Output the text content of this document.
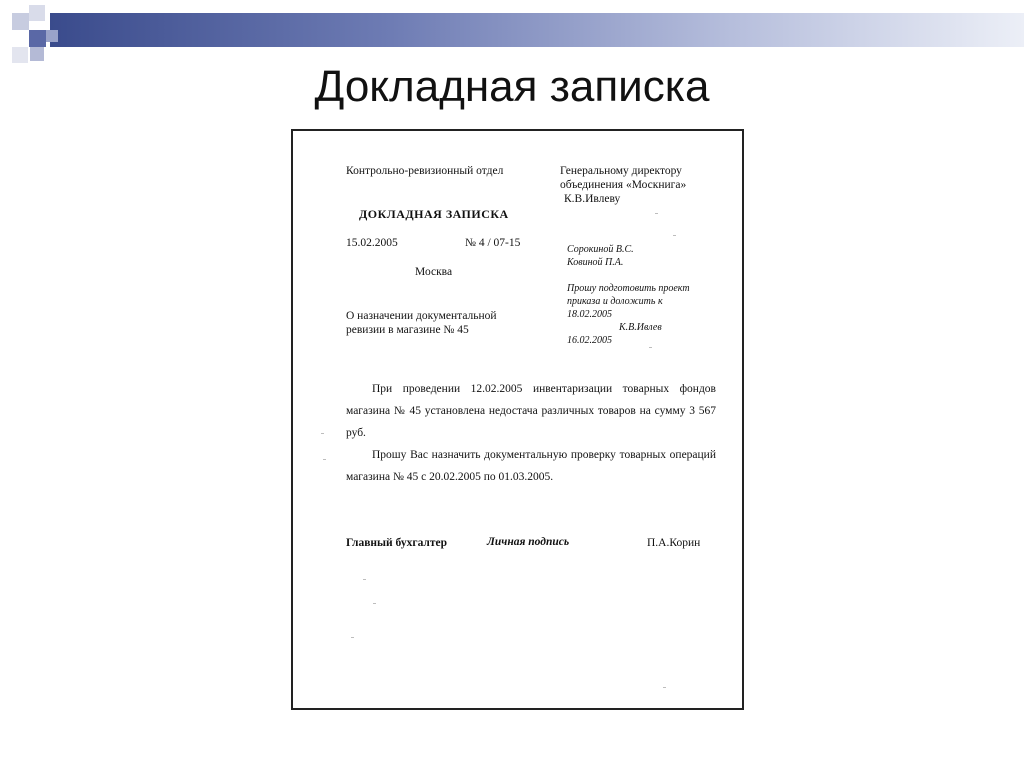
Докладная записка
Контрольно-ревизионный отдел	Генеральному директору
объединения «Москнига»
К.В.Ивлеву
ДОКЛАДНАЯ ЗАПИСКА
15.02.2005	№ 4 / 07-15
Москва
О назначении документальной
ревизии в магазине № 45
Сорокиной В.С.
Ковиной П.А.
Прошу подготовить проект
приказа и доложить к
18.02.2005
К.В.Ивлев
16.02.2005

При проведении 12.02.2005 инвентаризации товарных фондов магазина № 45 установлена недостача различных товаров на сумму 3 567 руб.

Прошу Вас назначить документальную проверку товарных операций магазина № 45 с 20.02.2005 по 01.03.2005.

Главный бухгалтер	Личная подпись	П.А.Корин
